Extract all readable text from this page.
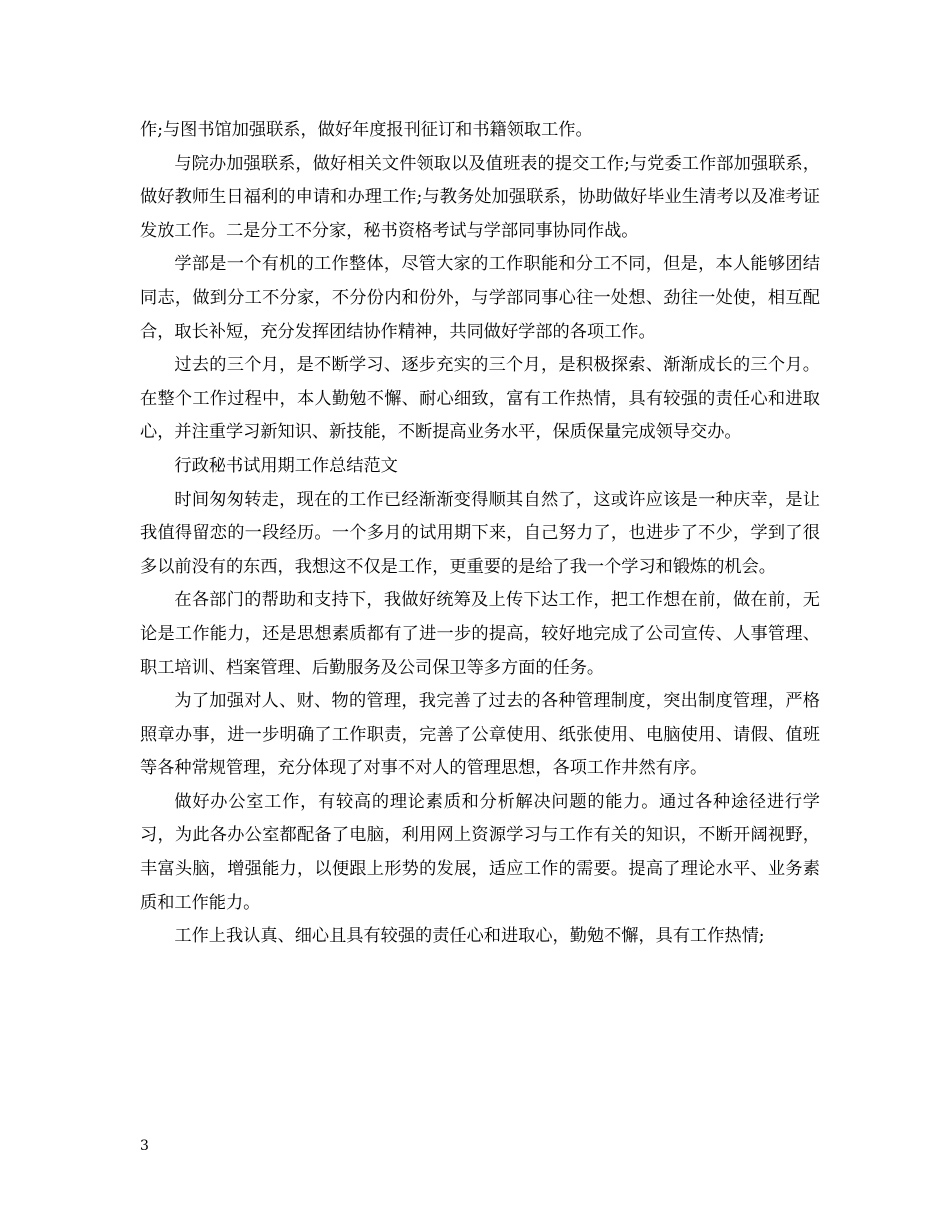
作;与图书馆加强联系，做好年度报刊征订和书籍领取工作。

与院办加强联系，做好相关文件领取以及值班表的提交工作;与党委工作部加强联系，做好教师生日福利的申请和办理工作;与教务处加强联系，协助做好毕业生清考以及准考证发放工作。二是分工不分家，秘书资格考试与学部同事协同作战。

学部是一个有机的工作整体，尽管大家的工作职能和分工不同，但是，本人能够团结同志，做到分工不分家，不分份内和份外，与学部同事心往一处想、劲往一处使，相互配合，取长补短，充分发挥团结协作精神，共同做好学部的各项工作。

过去的三个月，是不断学习、逐步充实的三个月，是积极探索、渐渐成长的三个月。在整个工作过程中，本人勤勉不懈、耐心细致，富有工作热情，具有较强的责任心和进取心，并注重学习新知识、新技能，不断提高业务水平，保质保量完成领导交办。

行政秘书试用期工作总结范文

时间匆匆转走，现在的工作已经渐渐变得顺其自然了，这或许应该是一种庆幸，是让我值得留恋的一段经历。一个多月的试用期下来，自己努力了，也进步了不少，学到了很多以前没有的东西，我想这不仅是工作，更重要的是给了我一个学习和锻炼的机会。

在各部门的帮助和支持下，我做好统筹及上传下达工作，把工作想在前，做在前，无论是工作能力，还是思想素质都有了进一步的提高，较好地完成了公司宣传、人事管理、职工培训、档案管理、后勤服务及公司保卫等多方面的任务。

为了加强对人、财、物的管理，我完善了过去的各种管理制度，突出制度管理，严格照章办事，进一步明确了工作职责，完善了公章使用、纸张使用、电脑使用、请假、值班等各种常规管理，充分体现了对事不对人的管理思想，各项工作井然有序。

做好办公室工作，有较高的理论素质和分析解决问题的能力。通过各种途径进行学习，为此各办公室都配备了电脑，利用网上资源学习与工作有关的知识，不断开阔视野，丰富头脑，增强能力，以便跟上形势的发展，适应工作的需要。提高了理论水平、业务素质和工作能力。

工作上我认真、细心且具有较强的责任心和进取心，勤勉不懈，具有工作热情;

3
